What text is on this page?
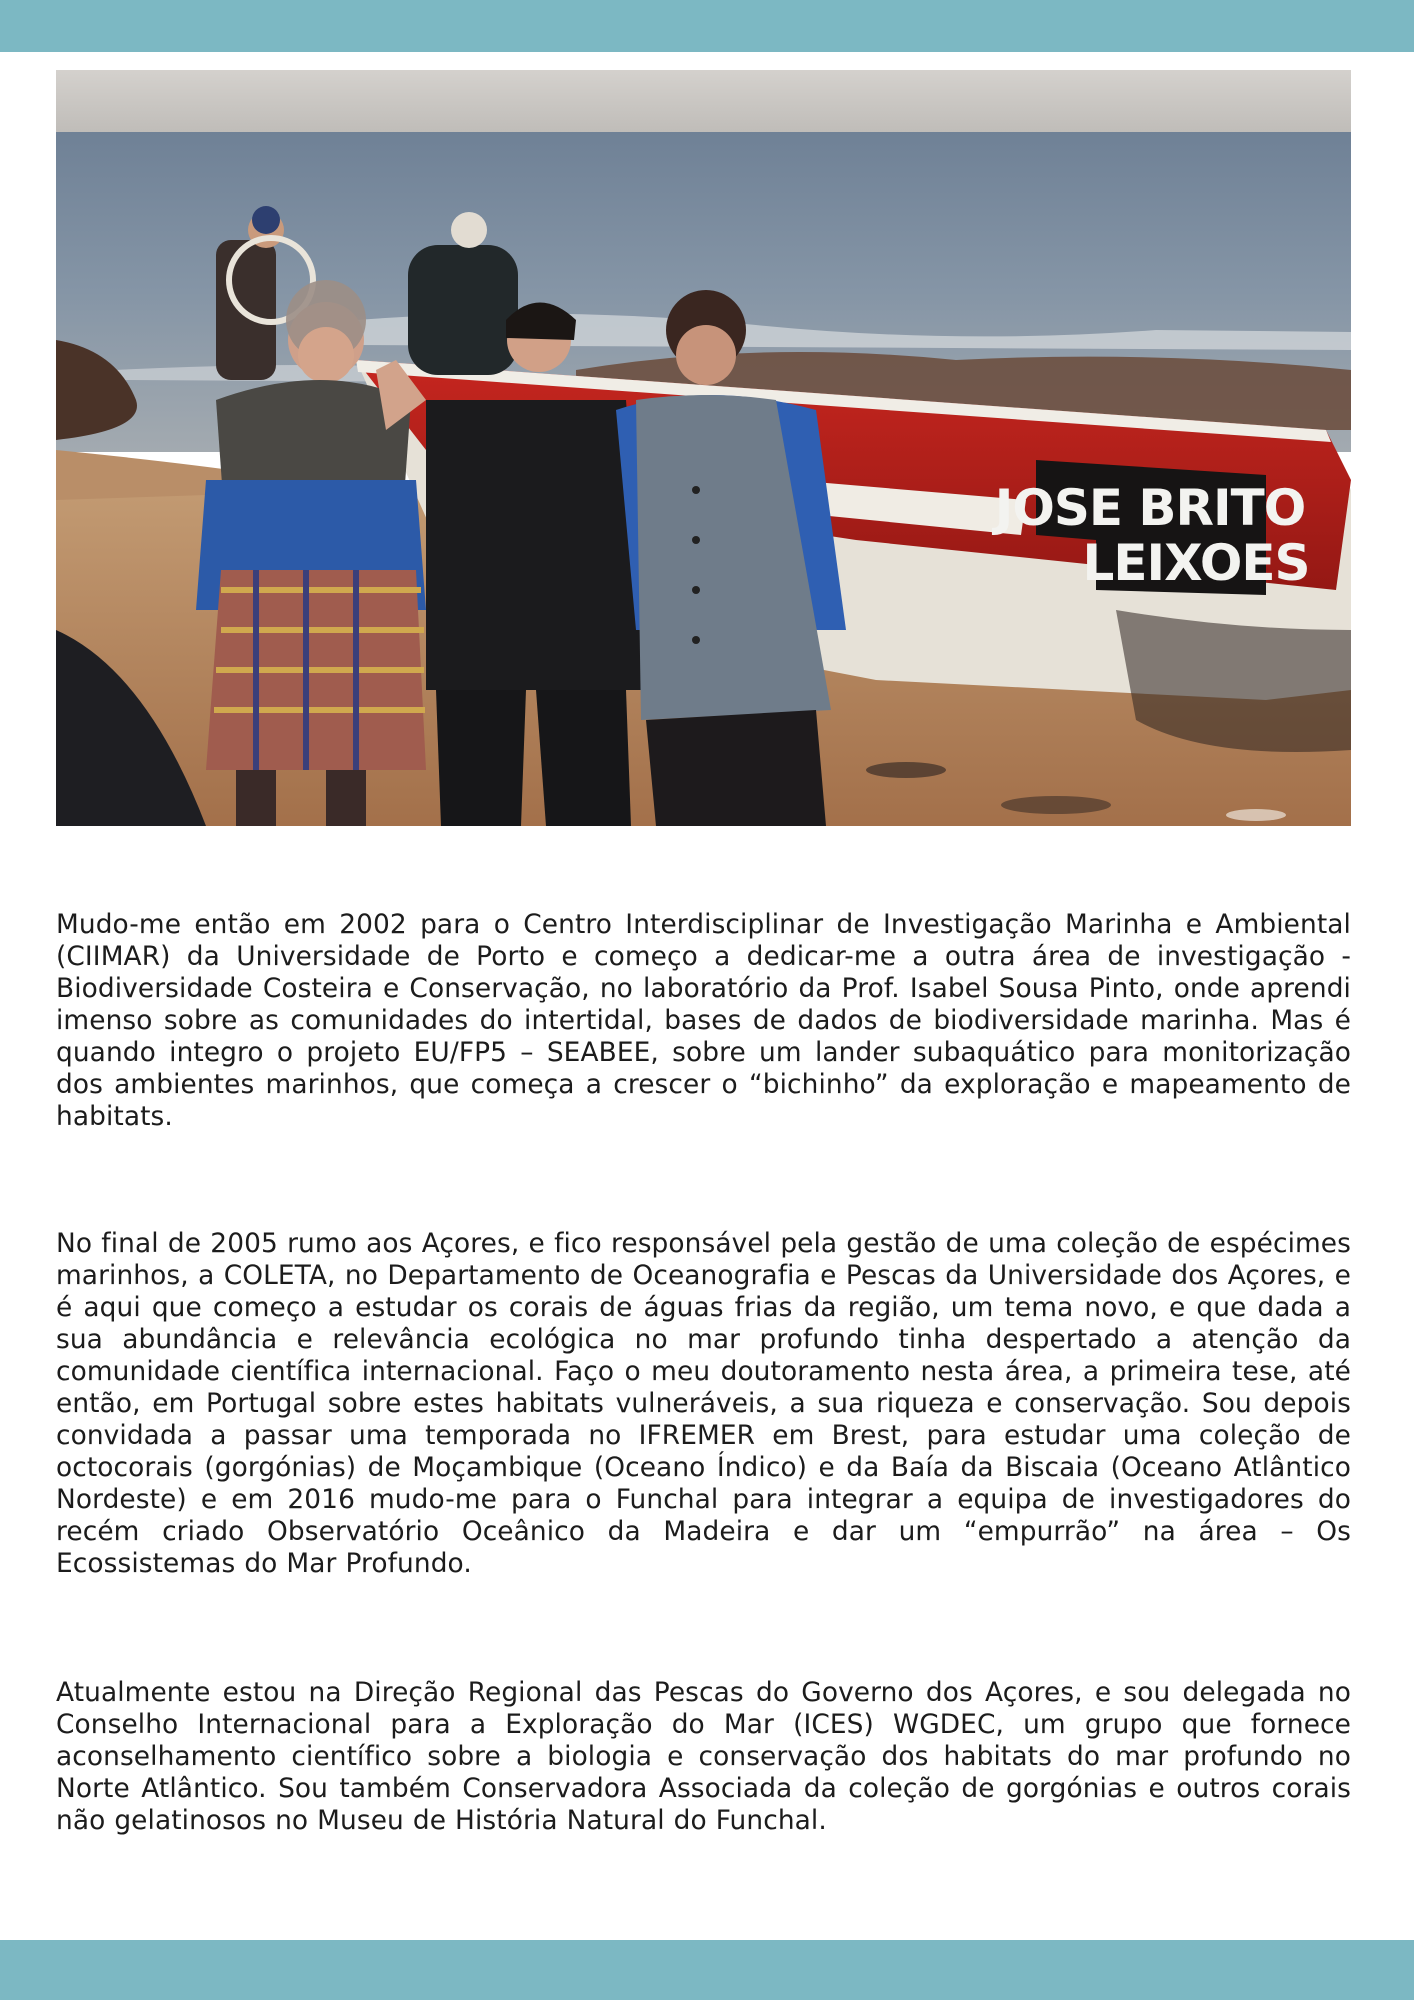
JOSE BRITO
LEIXOES

Mudo-me então em 2002 para o Centro Interdisciplinar de Investigação Marinha e Ambiental (CIIMAR) da Universidade de Porto e começo a dedicar-me a outra área de investigação - Biodiversidade Costeira e Conservação, no laboratório da Prof. Isabel Sousa Pinto, onde aprendi imenso sobre as comunidades do intertidal, bases de dados de biodiversidade marinha. Mas é quando integro o projeto EU/FP5 – SEABEE, sobre um lander subaquático para monitorização dos ambientes marinhos, que começa a crescer o “bichinho” da exploração e mapeamento de habitats.

No final de 2005 rumo aos Açores, e fico responsável pela gestão de uma coleção de espécimes marinhos, a COLETA, no Departamento de Oceanografia e Pescas da Universidade dos Açores, e é aqui que começo a estudar os corais de águas frias da região, um tema novo, e que dada a sua abundância e relevância ecológica no mar profundo tinha despertado a atenção da comunidade científica internacional. Faço o meu doutoramento nesta área, a primeira tese, até então, em Portugal sobre estes habitats vulneráveis, a sua riqueza e conservação. Sou depois convidada a passar uma temporada no IFREMER em Brest, para estudar uma coleção de octocorais (gorgónias) de Moçambique (Oceano Índico) e da Baía da Biscaia (Oceano Atlântico Nordeste) e em 2016 mudo-me para o Funchal para integrar a equipa de investigadores do recém criado Observatório Oceânico da Madeira e dar um “empurrão” na área – Os Ecossistemas do Mar Profundo.

Atualmente estou na Direção Regional das Pescas do Governo dos Açores, e sou delegada no Conselho Internacional para a Exploração do Mar (ICES) WGDEC, um grupo que fornece aconselhamento científico sobre a biologia e conservação dos habitats do mar profundo no Norte Atlântico. Sou também Conservadora Associada da coleção de gorgónias e outros corais não gelatinosos no Museu de História Natural do Funchal.
